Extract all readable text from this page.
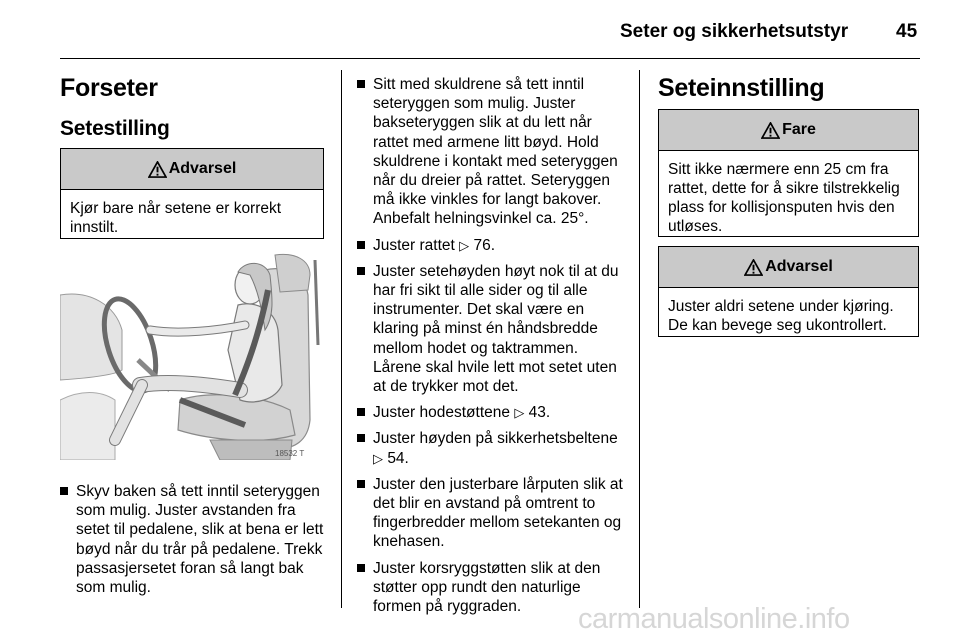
Seter og sikkerhetsutstyr	45
Forseter
Setestilling
Advarsel
Kjør bare når setene er korrekt innstilt.
18532 T
Skyv baken så tett inntil seteryggen som mulig. Juster avstanden fra setet til pedalene, slik at bena er lett bøyd når du trår på pedalene. Trekk passasjersetet foran så langt bak som mulig.
Sitt med skuldrene så tett inntil seteryggen som mulig. Juster bakseteryggen slik at du lett når rattet med armene litt bøyd. Hold skuldrene i kontakt med seteryggen når du dreier på rattet. Seteryggen må ikke vinkles for langt bakover. Anbefalt helningsvinkel ca. 25°.
Juster rattet ▷ 76.
Juster setehøyden høyt nok til at du har fri sikt til alle sider og til alle instrumenter. Det skal være en klaring på minst én håndsbredde mellom hodet og taktrammen. Lårene skal hvile lett mot setet uten at de trykker mot det.
Juster hodestøttene ▷ 43.
Juster høyden på sikkerhetsbeltene ▷ 54.
Juster den justerbare lårputen slik at det blir en avstand på omtrent to fingerbredder mellom setekanten og knehasen.
Juster korsryggstøtten slik at den støtter opp rundt den naturlige formen på ryggraden.
Seteinnstilling
Fare
Sitt ikke nærmere enn 25 cm fra rattet, dette for å sikre tilstrekkelig plass for kollisjonsputen hvis den utløses.
Advarsel
Juster aldri setene under kjøring. De kan bevege seg ukontrollert.
carmanualsonline.info
